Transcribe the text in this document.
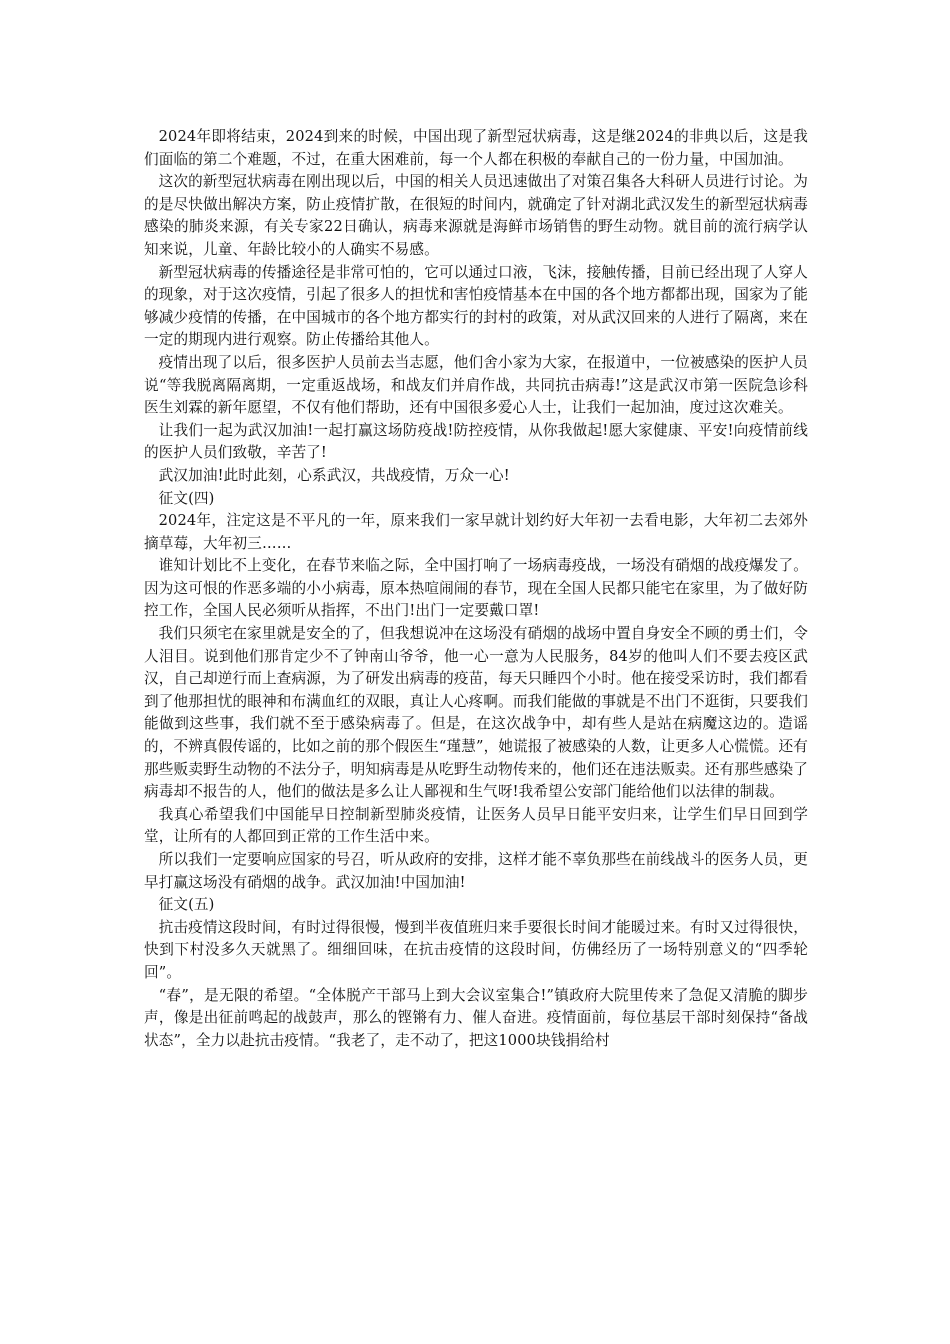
2024年即将结束，2024到来的时候，中国出现了新型冠状病毒，这是继2024的非典以后，这是我们面临的第二个难题，不过，在重大困难前，每一个人都在积极的奉献自己的一份力量，中国加油。

这次的新型冠状病毒在刚出现以后，中国的相关人员迅速做出了对策召集各大科研人员进行讨论。为的是尽快做出解决方案，防止疫情扩散，在很短的时间内，就确定了针对湖北武汉发生的新型冠状病毒感染的肺炎来源，有关专家22日确认，病毒来源就是海鲜市场销售的野生动物。就目前的流行病学认知来说，儿童、年龄比较小的人确实不易感。

新型冠状病毒的传播途径是非常可怕的，它可以通过口液，飞沫，接触传播，目前已经出现了人穿人的现象，对于这次疫情，引起了很多人的担忧和害怕疫情基本在中国的各个地方都都出现，国家为了能够减少疫情的传播，在中国城市的各个地方都实行的封村的政策，对从武汉回来的人进行了隔离，来在一定的期现内进行观察。防止传播给其他人。

疫情出现了以后，很多医护人员前去当志愿，他们舍小家为大家，在报道中，一位被感染的医护人员说“等我脱离隔离期，一定重返战场，和战友们并肩作战，共同抗击病毒!”这是武汉市第一医院急诊科医生刘霖的新年愿望，不仅有他们帮助，还有中国很多爱心人士，让我们一起加油，度过这次难关。

让我们一起为武汉加油!一起打赢这场防疫战!防控疫情，从你我做起!愿大家健康、平安!向疫情前线的医护人员们致敬，辛苦了!

武汉加油!此时此刻，心系武汉，共战疫情，万众一心!

征文(四)

2024年，注定这是不平凡的一年，原来我们一家早就计划约好大年初一去看电影，大年初二去郊外摘草莓，大年初三……

谁知计划比不上变化，在春节来临之际，全中国打响了一场病毒疫战，一场没有硝烟的战疫爆发了。因为这可恨的作恶多端的小小病毒，原本热喧闹闹的春节，现在全国人民都只能宅在家里，为了做好防控工作，全国人民必须听从指挥，不出门!出门一定要戴口罩!

我们只须宅在家里就是安全的了，但我想说冲在这场没有硝烟的战场中置自身安全不顾的勇士们，令人泪目。说到他们那肯定少不了钟南山爷爷，他一心一意为人民服务，84岁的他叫人们不要去疫区武汉，自己却逆行而上查病源，为了研发出病毒的疫苗，每天只睡四个小时。他在接受采访时，我们都看到了他那担忧的眼神和布满血红的双眼，真让人心疼啊。而我们能做的事就是不出门不逛街，只要我们能做到这些事，我们就不至于感染病毒了。但是，在这次战争中，却有些人是站在病魔这边的。造谣的，不辨真假传谣的，比如之前的那个假医生“瑾慧”，她谎报了被感染的人数，让更多人心慌慌。还有那些贩卖野生动物的不法分子，明知病毒是从吃野生动物传来的，他们还在违法贩卖。还有那些感染了病毒却不报告的人，他们的做法是多么让人鄙视和生气呀!我希望公安部门能给他们以法律的制裁。

我真心希望我们中国能早日控制新型肺炎疫情，让医务人员早日能平安归来，让学生们早日回到学堂，让所有的人都回到正常的工作生活中来。

所以我们一定要响应国家的号召，听从政府的安排，这样才能不辜负那些在前线战斗的医务人员，更早打赢这场没有硝烟的战争。武汉加油!中国加油!

征文(五)

抗击疫情这段时间，有时过得很慢，慢到半夜值班归来手要很长时间才能暖过来。有时又过得很快，快到下村没多久天就黑了。细细回味，在抗击疫情的这段时间，仿佛经历了一场特别意义的“四季轮回”。

“春”，是无限的希望。“全体脱产干部马上到大会议室集合!”镇政府大院里传来了急促又清脆的脚步声，像是出征前鸣起的战鼓声，那么的铿锵有力、催人奋进。疫情面前，每位基层干部时刻保持“备战状态”，全力以赴抗击疫情。“我老了，走不动了，把这1000块钱捐给村
